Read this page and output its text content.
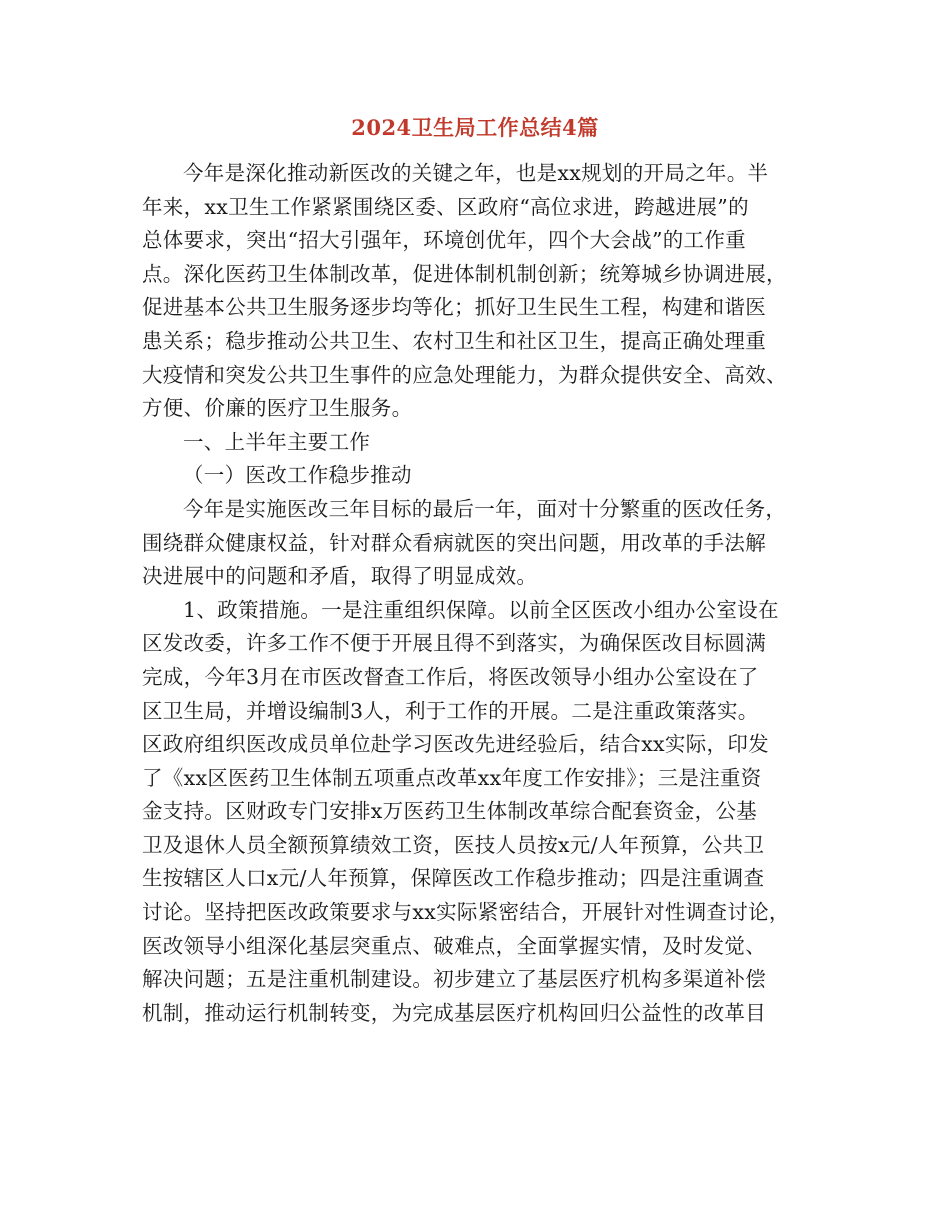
2024卫生局工作总结4篇
今年是深化推动新医改的关键之年，也是xx规划的开局之年。半
年来，xx卫生工作紧紧围绕区委、区政府“高位求进，跨越进展”的
总体要求，突出“招大引强年，环境创优年，四个大会战”的工作重
点。深化医药卫生体制改革，促进体制机制创新；统筹城乡协调进展，
促进基本公共卫生服务逐步均等化；抓好卫生民生工程，构建和谐医
患关系；稳步推动公共卫生、农村卫生和社区卫生，提高正确处理重
大疫情和突发公共卫生事件的应急处理能力，为群众提供安全、高效、
方便、价廉的医疗卫生服务。
一、上半年主要工作
（一）医改工作稳步推动
今年是实施医改三年目标的最后一年，面对十分繁重的医改任务，
围绕群众健康权益，针对群众看病就医的突出问题，用改革的手法解
决进展中的问题和矛盾，取得了明显成效。
1、政策措施。一是注重组织保障。以前全区医改小组办公室设在
区发改委，许多工作不便于开展且得不到落实，为确保医改目标圆满
完成，今年3月在市医改督查工作后，将医改领导小组办公室设在了
区卫生局，并增设编制3人，利于工作的开展。二是注重政策落实。
区政府组织医改成员单位赴学习医改先进经验后，结合xx实际，印发
了《xx区医药卫生体制五项重点改革xx年度工作安排》；三是注重资
金支持。区财政专门安排x万医药卫生体制改革综合配套资金，公基
卫及退休人员全额预算绩效工资，医技人员按x元/人年预算，公共卫
生按辖区人口x元/人年预算，保障医改工作稳步推动；四是注重调查
讨论。坚持把医改政策要求与xx实际紧密结合，开展针对性调查讨论，
医改领导小组深化基层突重点、破难点，全面掌握实情，及时发觉、
解决问题；五是注重机制建设。初步建立了基层医疗机构多渠道补偿
机制，推动运行机制转变，为完成基层医疗机构回归公益性的改革目
